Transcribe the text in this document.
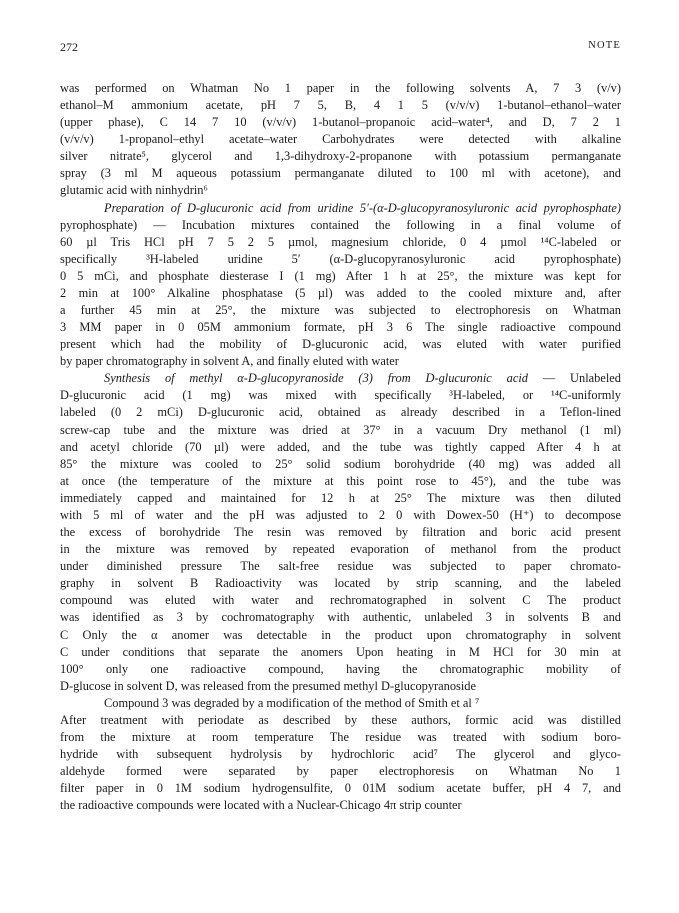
272	NOTE

was performed on Whatman No 1 paper in the following solvents A, 7 3 (v/v)
ethanol–M ammonium acetate, pH 7 5, B, 4 1 5 (v/v/v) 1-butanol–ethanol–water
(upper phase), C 14 7 10 (v/v/v) 1-butanol–propanoic acid–water⁴, and D, 7 2 1
(v/v/v) 1-propanol–ethyl acetate–water Carbohydrates were detected with alkaline
silver nitrate⁵, glycerol and 1,3-dihydroxy-2-propanone with potassium permanganate
spray (3 ml M aqueous potassium permanganate diluted to 100 ml with acetone), and
glutamic acid with ninhydrin⁶

Preparation of D-glucuronic acid from uridine 5′-(α-D-glucopyranosyluronic acid pyrophosphate)
pyrophosphate) — Incubation mixtures contained the following in a final volume of
60 µl Tris HCl pH 7 5 2 5 µmol, magnesium chloride, 0 4 µmol ¹⁴C-labeled or
specifically ³H-labeled uridine 5′ (α-D-glucopyranosyluronic acid pyrophosphate)
0 5 mCi, and phosphate diesterase I (1 mg) After 1 h at 25°, the mixture was kept for
2 min at 100° Alkaline phosphatase (5 µl) was added to the cooled mixture and, after
a further 45 min at 25°, the mixture was subjected to electrophoresis on Whatman
3 MM paper in 0 05M ammonium formate, pH 3 6 The single radioactive compound
present which had the mobility of D-glucuronic acid, was eluted with water purified
by paper chromatography in solvent A, and finally eluted with water

Synthesis of methyl α-D-glucopyranoside (3) from D-glucuronic acid — Unlabeled
D-glucuronic acid (1 mg) was mixed with specifically ³H-labeled, or ¹⁴C-uniformly
labeled (0 2 mCi) D-glucuronic acid, obtained as already described in a Teflon-lined
screw-cap tube and the mixture was dried at 37° in a vacuum Dry methanol (1 ml)
and acetyl chloride (70 µl) were added, and the tube was tightly capped After 4 h at
85° the mixture was cooled to 25° solid sodium borohydride (40 mg) was added all
at once (the temperature of the mixture at this point rose to 45°), and the tube was
immediately capped and maintained for 12 h at 25° The mixture was then diluted
with 5 ml of water and the pH was adjusted to 2 0 with Dowex-50 (H⁺) to decompose
the excess of borohydride The resin was removed by filtration and boric acid present
in the mixture was removed by repeated evaporation of methanol from the product
under diminished pressure The salt-free residue was subjected to paper chromato-
graphy in solvent B Radioactivity was located by strip scanning, and the labeled
compound was eluted with water and rechromatographed in solvent C The product
was identified as 3 by cochromatography with authentic, unlabeled 3 in solvents B and
C Only the α anomer was detectable in the product upon chromatography in solvent
C under conditions that separate the anomers Upon heating in M HCl for 30 min at
100° only one radioactive compound, having the chromatographic mobility of
D-glucose in solvent D, was released from the presumed methyl D-glucopyranoside

Compound 3 was degraded by a modification of the method of Smith et al ⁷
After treatment with periodate as described by these authors, formic acid was distilled
from the mixture at room temperature The residue was treated with sodium boro-
hydride with subsequent hydrolysis by hydrochloric acid⁷ The glycerol and glyco-
aldehyde formed were separated by paper electrophoresis on Whatman No 1
filter paper in 0 1M sodium hydrogensulfite, 0 01M sodium acetate buffer, pH 4 7, and
the radioactive compounds were located with a Nuclear-Chicago 4π strip counter
